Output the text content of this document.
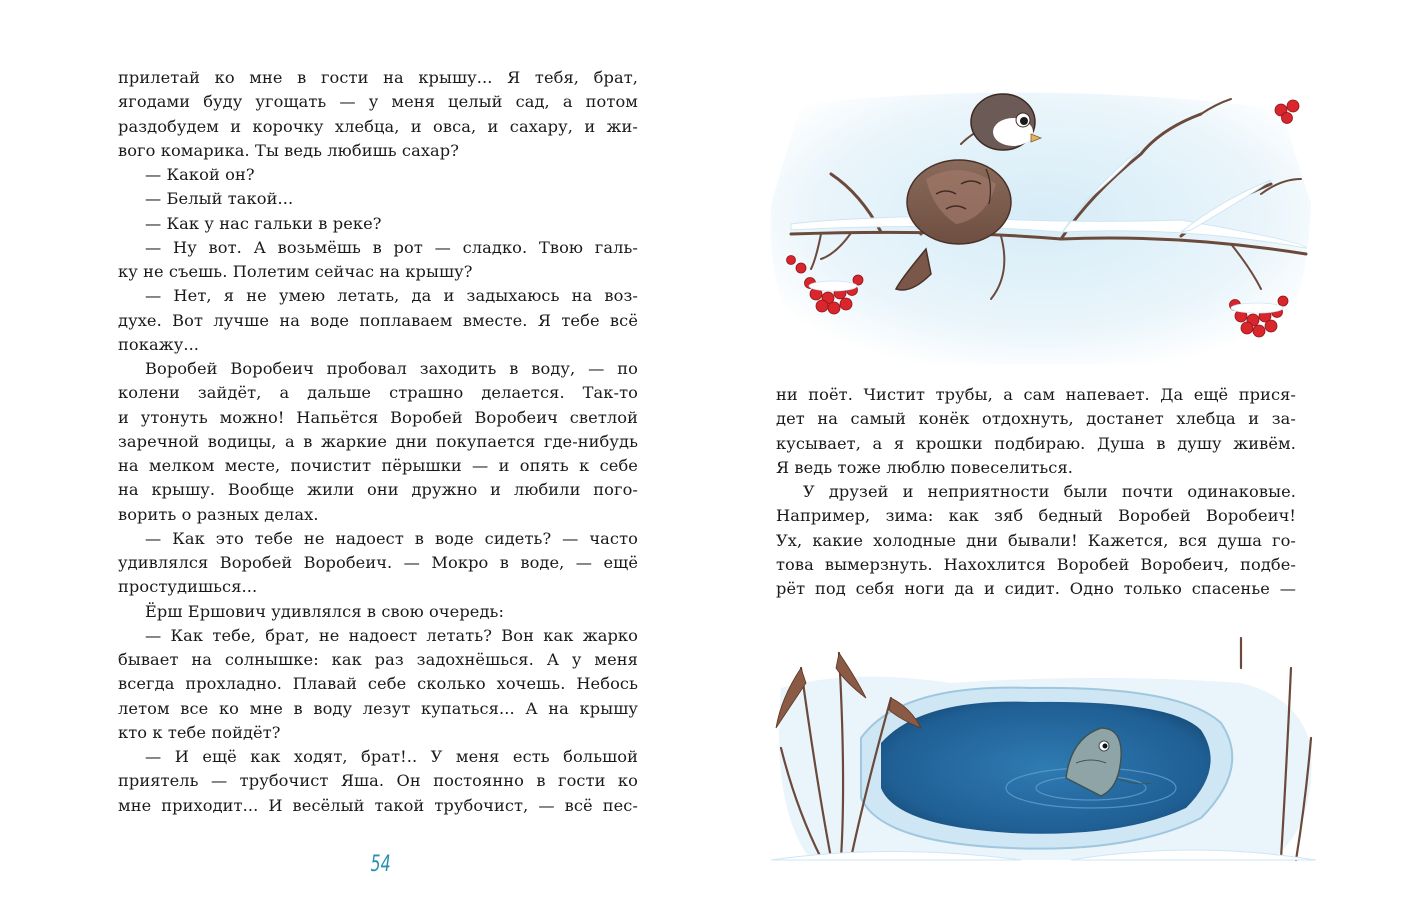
прилетай ко мне в гости на крышу... Я тебя, брат,
ягодами буду угощать — у меня целый сад, а потом
раздобудем и корочку хлебца, и овса, и сахару, и жи-
вого комарика. Ты ведь любишь сахар?
— Какой он?
— Белый такой...
— Как у нас гальки в реке?
— Ну вот. А возьмёшь в рот — сладко. Твою галь-
ку не съешь. Полетим сейчас на крышу?
— Нет, я не умею летать, да и задыхаюсь на воз-
духе. Вот лучше на воде поплаваем вместе. Я тебе всё
покажу...
Воробей Воробеич пробовал заходить в воду, — по
колени зайдёт, а дальше страшно делается. Так-то
и утонуть можно! Напьётся Воробей Воробеич светлой
заречной водицы, а в жаркие дни покупается где-нибудь
на мелком месте, почистит пёрышки — и опять к себе
на крышу. Вообще жили они дружно и любили пого-
ворить о разных делах.
— Как это тебе не надоест в воде сидеть? — часто
удивлялся Воробей Воробеич. — Мокро в воде, — ещё
простудишься...
Ёрш Ершович удивлялся в свою очередь:
— Как тебе, брат, не надоест летать? Вон как жарко
бывает на солнышке: как раз задохнёшься. А у меня
всегда прохладно. Плавай себе сколько хочешь. Небось
летом все ко мне в воду лезут купаться... А на крышу
кто к тебе пойдёт?
— И ещё как ходят, брат!.. У меня есть большой
приятель — трубочист Яша. Он постоянно в гости ко
мне приходит... И весёлый такой трубочист, — всё пес-
54
ни поёт. Чистит трубы, а сам напевает. Да ещё прися-
дет на самый конёк отдохнуть, достанет хлебца и за-
кусывает, а я крошки подбираю. Душа в душу живём.
Я ведь тоже люблю повеселиться.
У друзей и неприятности были почти одинаковые.
Например, зима: как зяб бедный Воробей Воробеич!
Ух, какие холодные дни бывали! Кажется, вся душа го-
това вымерзнуть. Нахохлится Воробей Воробеич, подбе-
рёт под себя ноги да и сидит. Одно только спасенье —
